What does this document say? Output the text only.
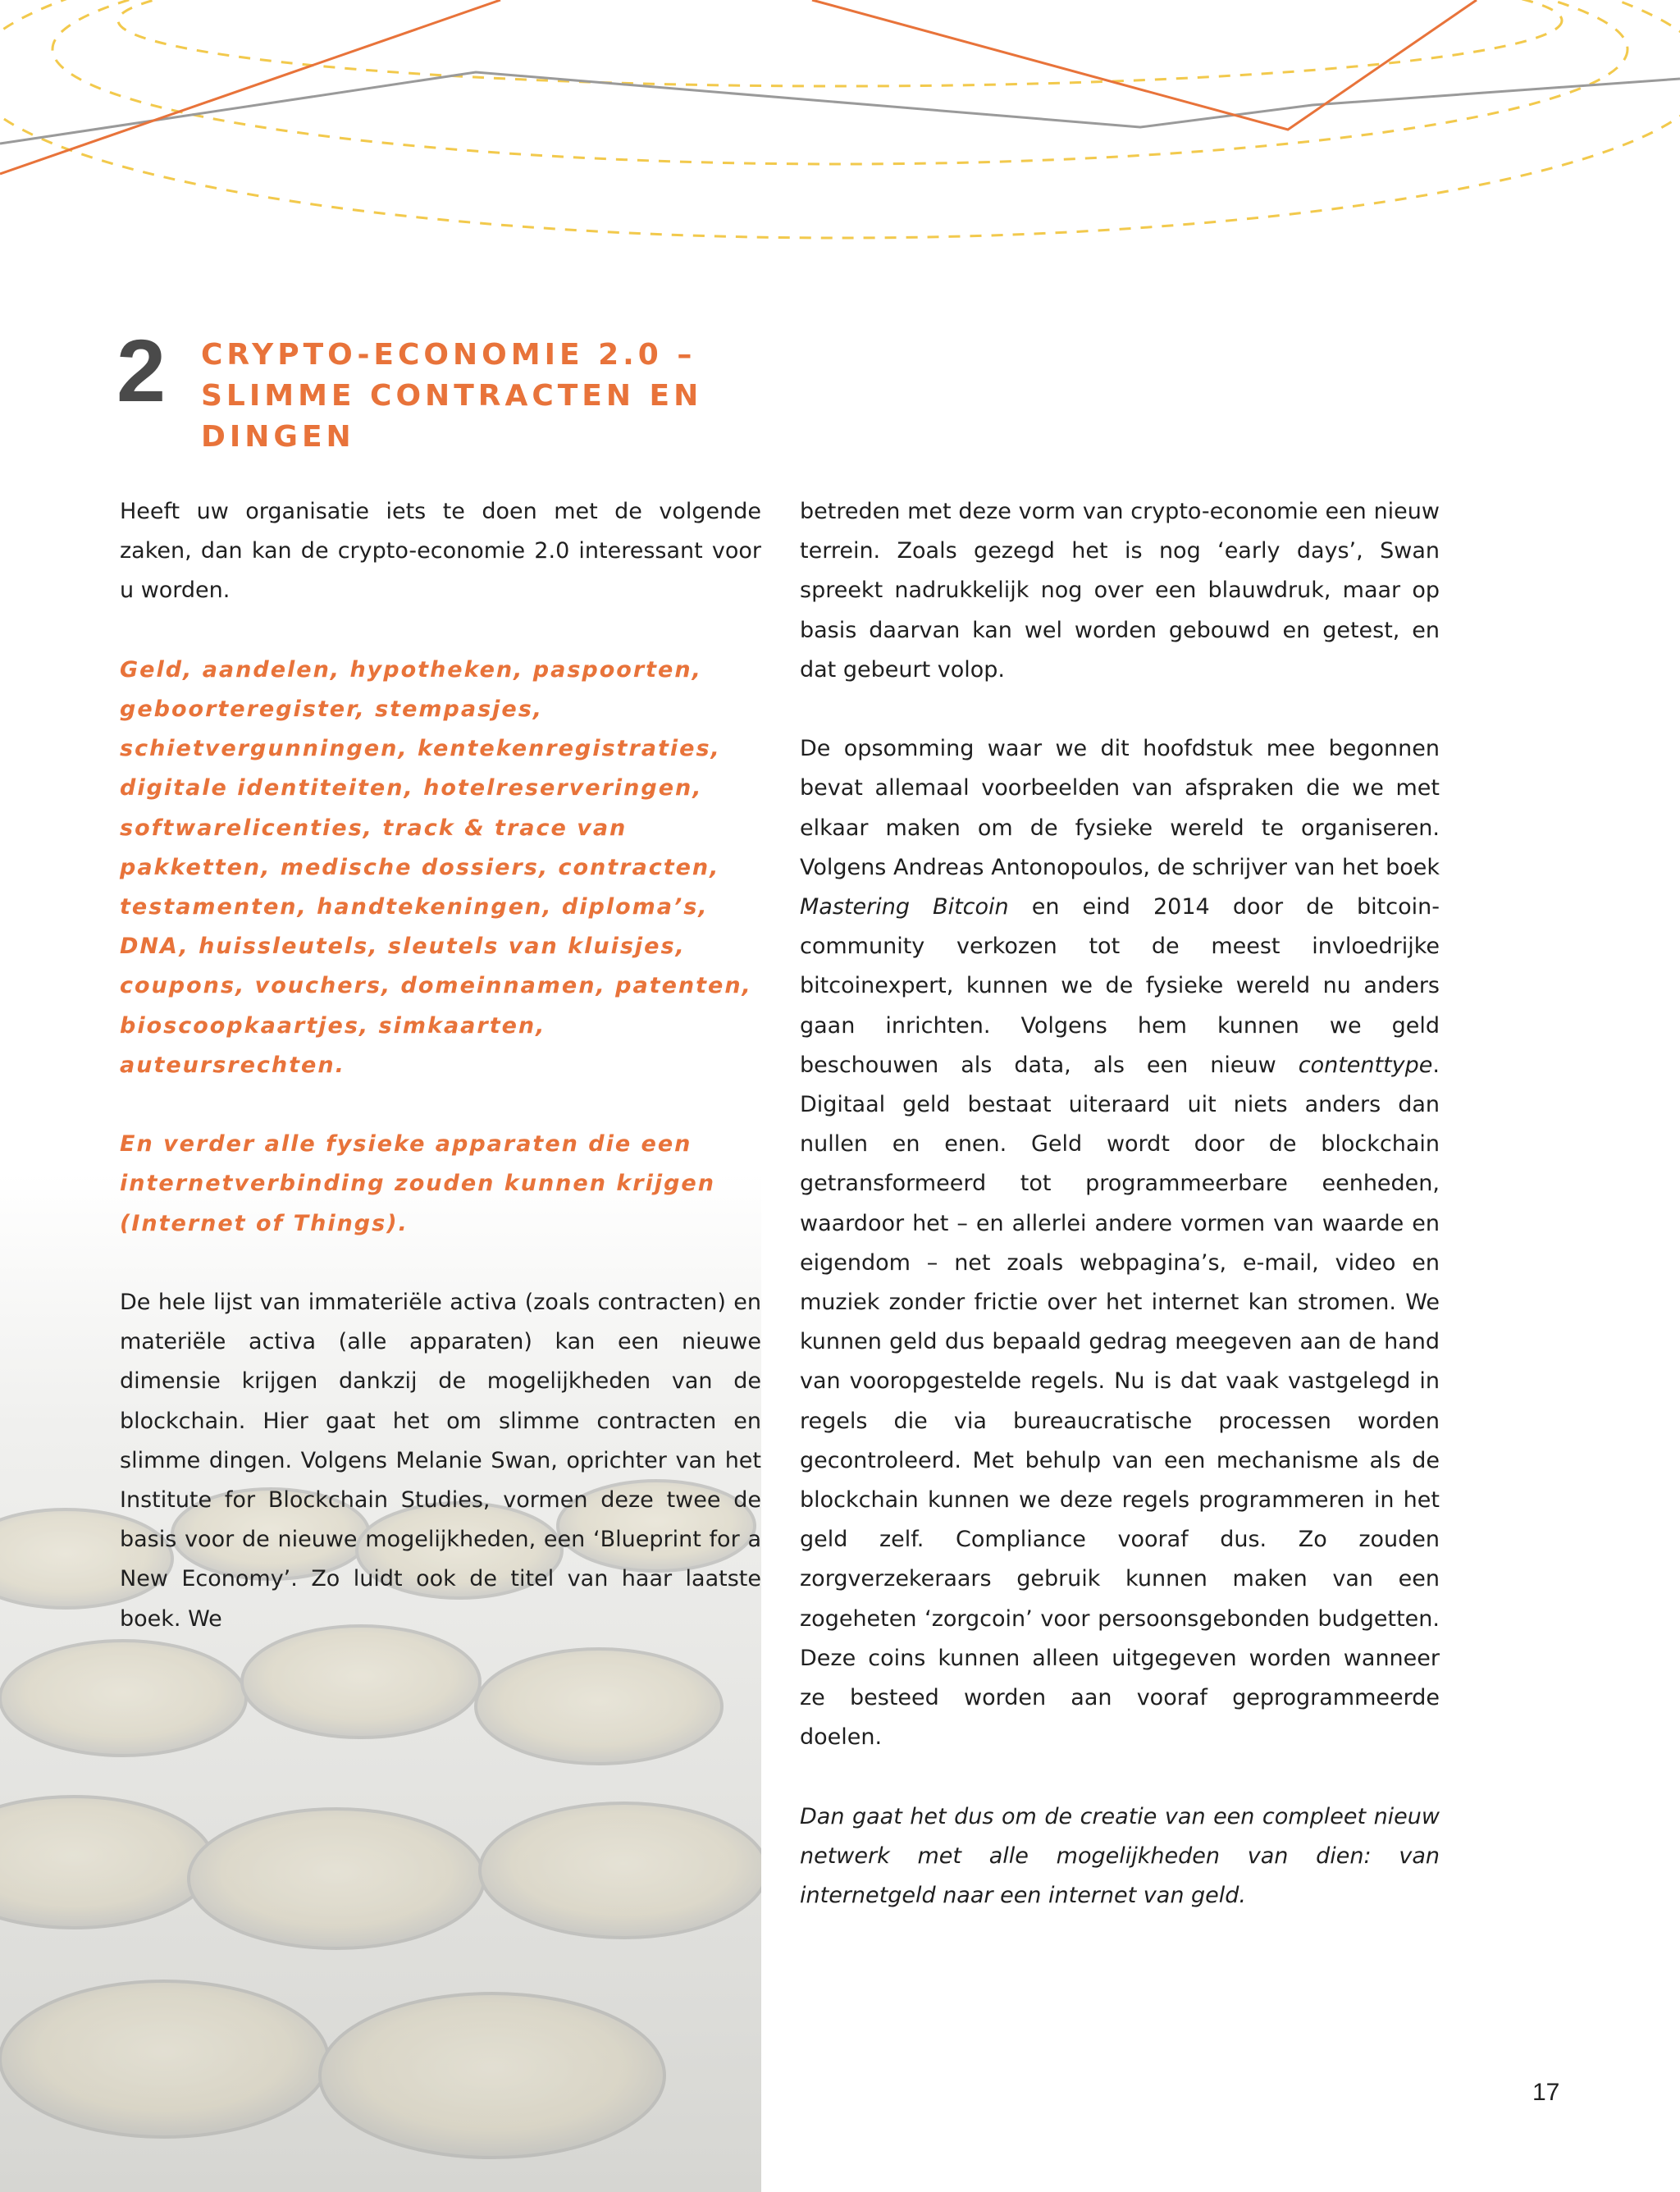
2 CRYPTO-ECONOMIE 2.0 –
SLIMME CONTRACTEN EN
DINGEN

Heeft uw organisatie iets te doen met de volgende zaken, dan kan de crypto-economie 2.0 interessant voor u worden.

Geld, aandelen, hypotheken, paspoorten, geboorteregister, stempasjes, schietvergunningen, kentekenregistraties, digitale identiteiten, hotelreserveringen, softwarelicenties, track & trace van pakketten, medische dossiers, contracten, testamenten, handtekeningen, diploma’s, DNA, huissleutels, sleutels van kluisjes, coupons, vouchers, domeinnamen, patenten, bioscoopkaartjes, simkaarten, auteursrechten.

En verder alle fysieke apparaten die een internetverbinding zouden kunnen krijgen (Internet of Things).

De hele lijst van immateriële activa (zoals contracten) en materiële activa (alle apparaten) kan een nieuwe dimensie krijgen dankzij de mogelijkheden van de blockchain. Hier gaat het om slimme contracten en slimme dingen. Volgens Melanie Swan, oprichter van het Institute for Blockchain Studies, vormen deze twee de basis voor de nieuwe mogelijkheden, een ‘Blueprint for a New Economy’. Zo luidt ook de titel van haar laatste boek. We

betreden met deze vorm van crypto-economie een nieuw terrein. Zoals gezegd het is nog ‘early days’, Swan spreekt nadrukkelijk nog over een blauwdruk, maar op basis daarvan kan wel worden gebouwd en getest, en dat gebeurt volop.

De opsomming waar we dit hoofdstuk mee begonnen bevat allemaal voorbeelden van afspraken die we met elkaar maken om de fysieke wereld te organiseren. Volgens Andreas Antonopoulos, de schrijver van het boek Mastering Bitcoin en eind 2014 door de bitcoin-community verkozen tot de meest invloedrijke bitcoinexpert, kunnen we de fysieke wereld nu anders gaan inrichten. Volgens hem kunnen we geld beschouwen als data, als een nieuw contenttype. Digitaal geld bestaat uiteraard uit niets anders dan nullen en enen. Geld wordt door de blockchain getransformeerd tot programmeerbare eenheden, waardoor het – en allerlei andere vormen van waarde en eigendom – net zoals webpagina’s, e-mail, video en muziek zonder frictie over het internet kan stromen. We kunnen geld dus bepaald gedrag meegeven aan de hand van vooropgestelde regels. Nu is dat vaak vastgelegd in regels die via bureaucratische processen worden gecontroleerd. Met behulp van een mechanisme als de blockchain kunnen we deze regels programmeren in het geld zelf. Compliance vooraf dus. Zo zouden zorgverzekeraars gebruik kunnen maken van een zogeheten ‘zorgcoin’ voor persoonsgebonden budgetten. Deze coins kunnen alleen uitgegeven worden wanneer ze besteed worden aan vooraf geprogrammeerde doelen.

Dan gaat het dus om de creatie van een compleet nieuw netwerk met alle mogelijkheden van dien: van internetgeld naar een internet van geld.

17
